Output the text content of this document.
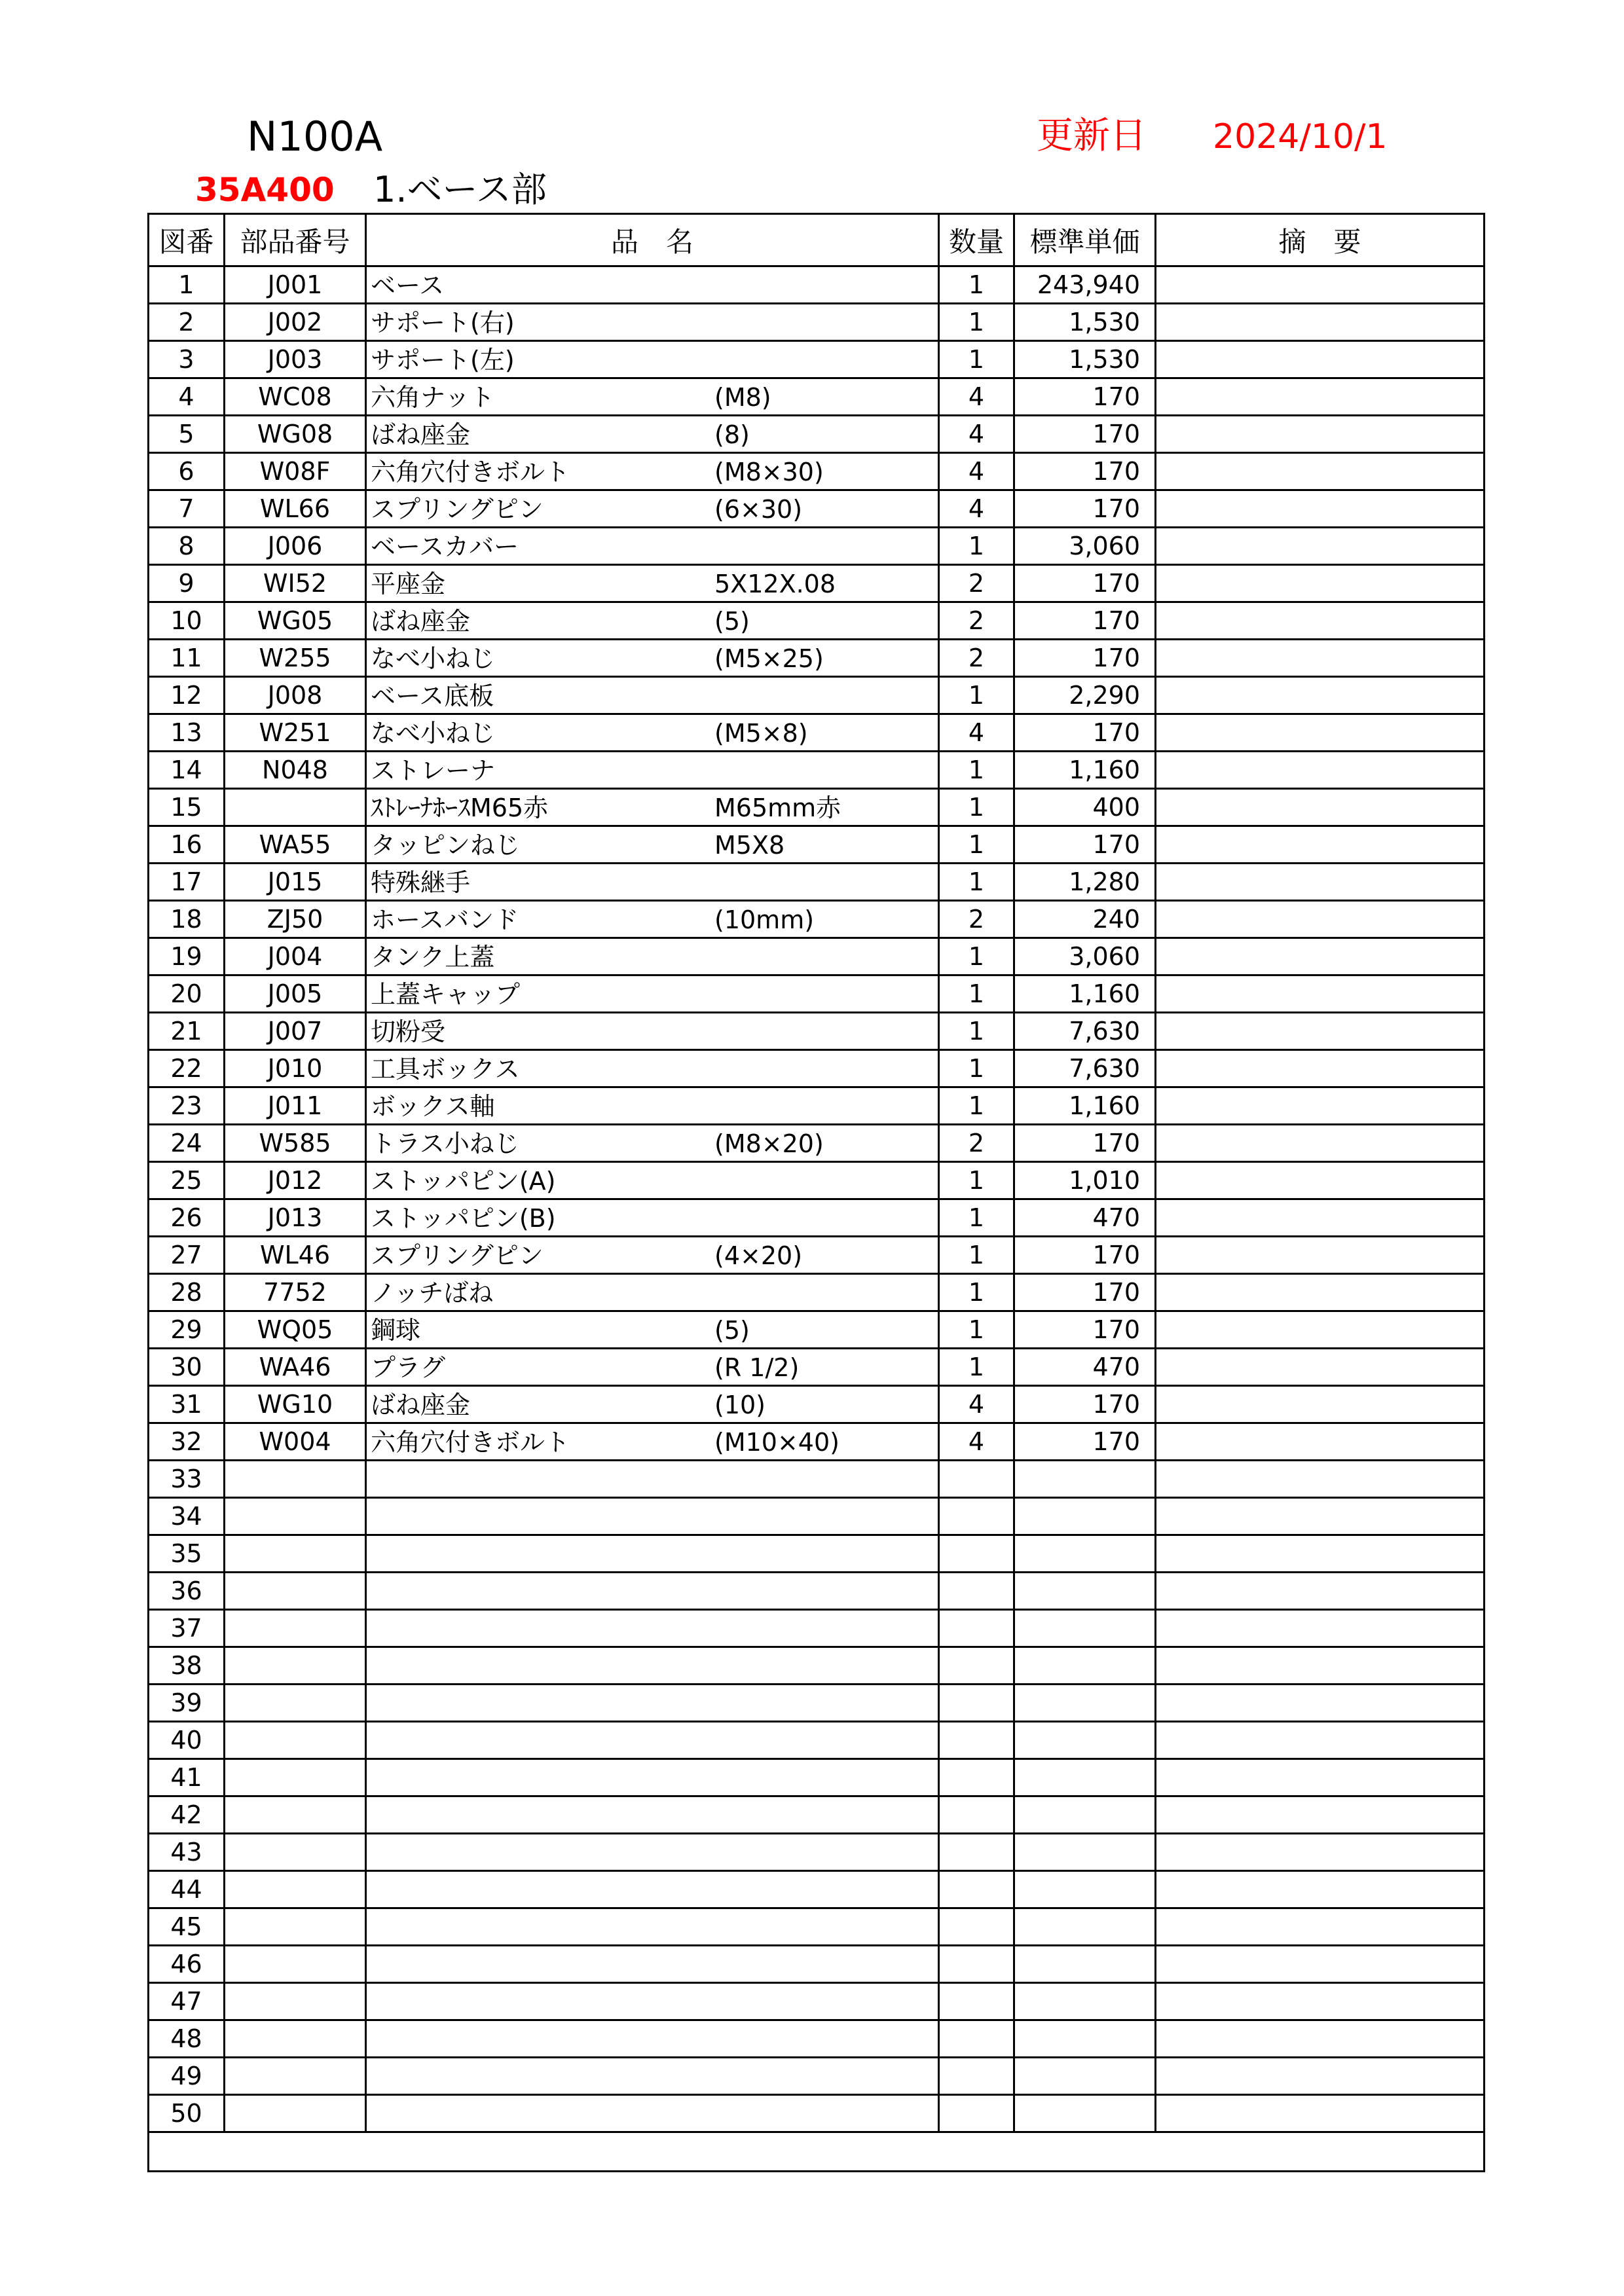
N100A	更新日 2024/10/1
35A400 1.ベース部
図番	部品番号	品　名	数量	標準単価	摘　要
1	J001	ベース	1	243,940	
2	J002	サポート(右)	1	1,530	
3	J003	サポート(左)	1	1,530	
4	WC08	六角ナット (M8)	4	170	
5	WG08	ばね座金 (8)	4	170	
6	W08F	六角穴付きボルト (M8×30)	4	170	
7	WL66	スプリングピン (6×30)	4	170	
8	J006	ベースカバー	1	3,060	
9	WI52	平座金 5X12X.08	2	170	
10	WG05	ばね座金 (5)	2	170	
11	W255	なべ小ねじ (M5×25)	2	170	
12	J008	ベース底板	1	2,290	
13	W251	なべ小ねじ (M5×8)	4	170	
14	N048	ストレーナ	1	1,160	
15		ｽﾄﾚｰﾅﾎｰｽM65赤 M65mm赤	1	400	
16	WA55	タッピンねじ M5X8	1	170	
17	J015	特殊継手	1	1,280	
18	ZJ50	ホースバンド (10mm)	2	240	
19	J004	タンク上蓋	1	3,060	
20	J005	上蓋キャップ	1	1,160	
21	J007	切粉受	1	7,630	
22	J010	工具ボックス	1	7,630	
23	J011	ボックス軸	1	1,160	
24	W585	トラス小ねじ (M8×20)	2	170	
25	J012	ストッパピン(A)	1	1,010	
26	J013	ストッパピン(B)	1	470	
27	WL46	スプリングピン (4×20)	1	170	
28	7752	ノッチばね	1	170	
29	WQ05	鋼球 (5)	1	170	
30	WA46	プラグ (R 1/2)	1	470	
31	WG10	ばね座金 (10)	4	170	
32	W004	六角穴付きボルト (M10×40)	4	170	
33					
34					
35					
36					
37					
38					
39					
40					
41					
42					
43					
44					
45					
46					
47					
48					
49					
50					
